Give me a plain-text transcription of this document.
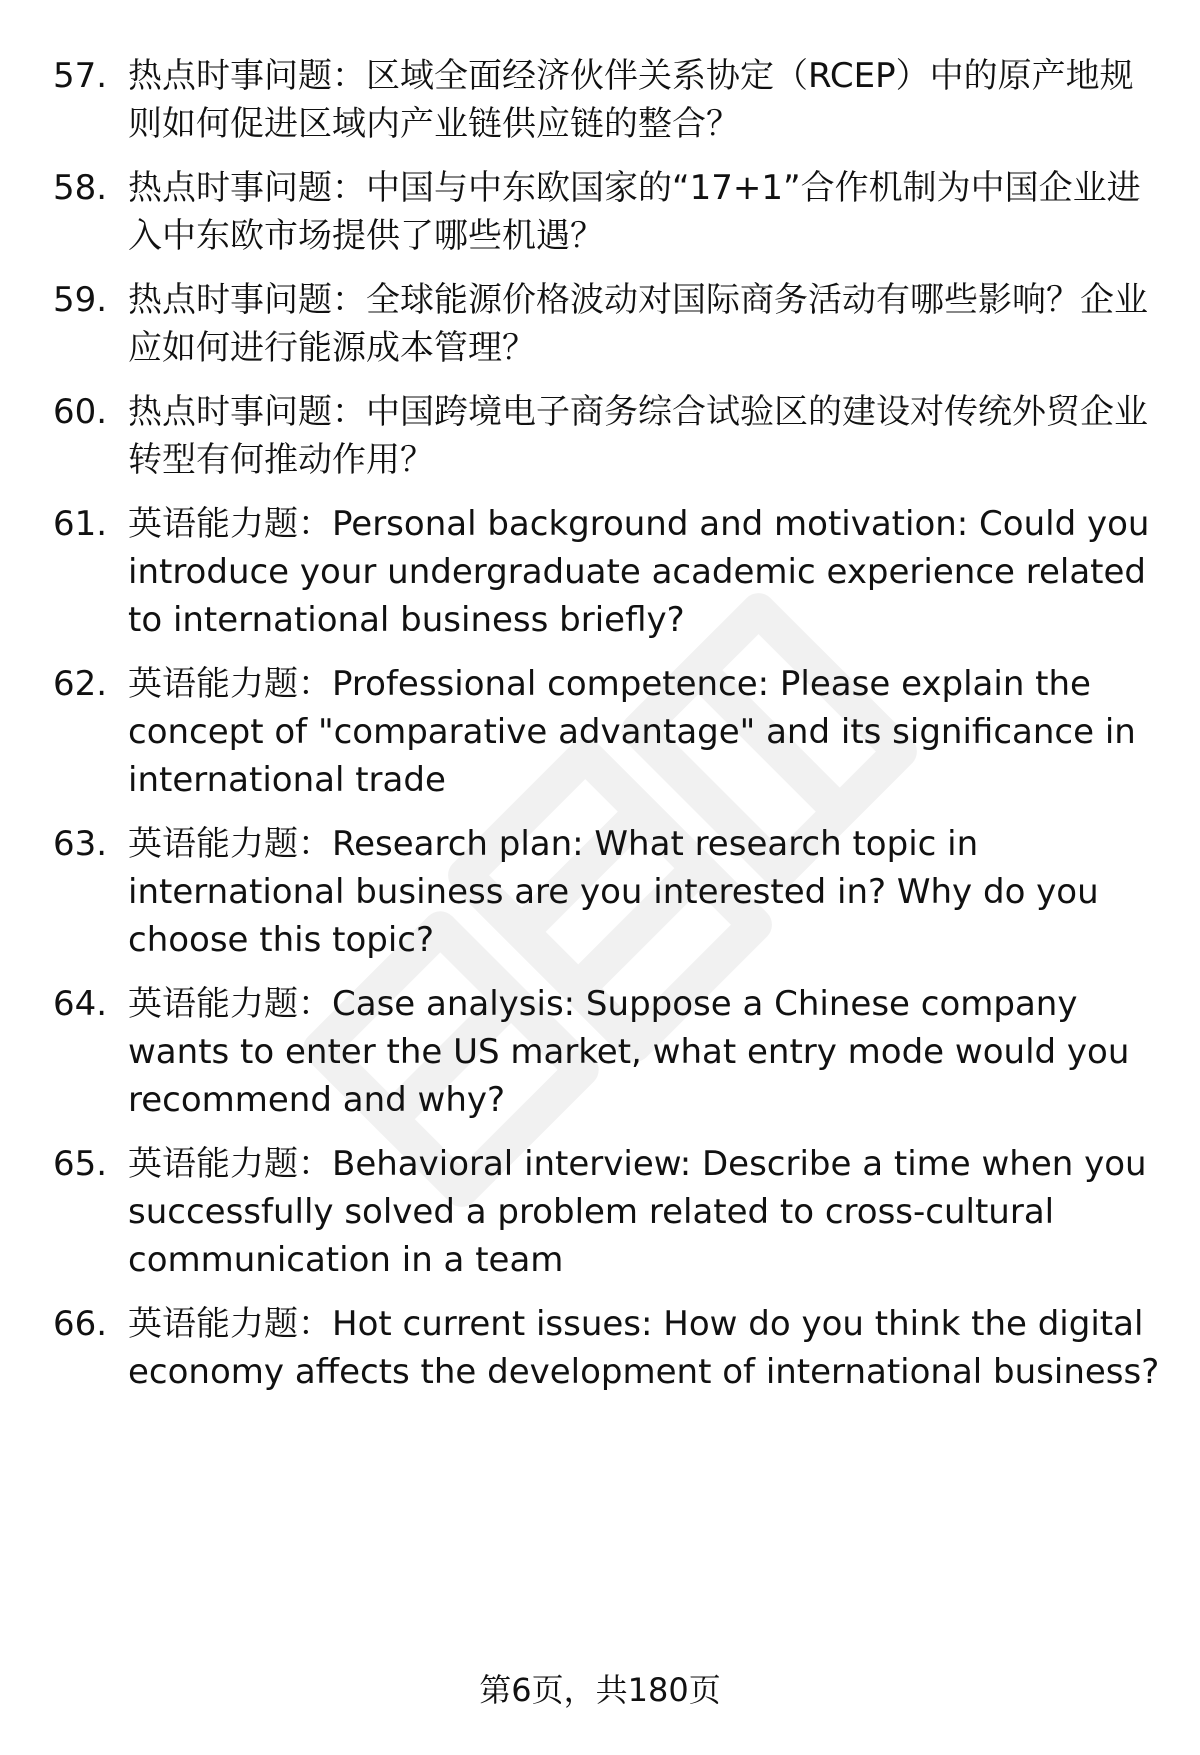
57. 热点时事问题：区域全面经济伙伴关系协定（RCEP）中的原产地规则如何促进区域内产业链供应链的整合？
58. 热点时事问题：中国与中东欧国家的“17+1”合作机制为中国企业进入中东欧市场提供了哪些机遇？
59. 热点时事问题：全球能源价格波动对国际商务活动有哪些影响？企业应如何进行能源成本管理？
60. 热点时事问题：中国跨境电子商务综合试验区的建设对传统外贸企业转型有何推动作用？
61. 英语能力题：Personal background and motivation: Could you introduce your undergraduate academic experience related to international business briefly?
62. 英语能力题：Professional competence: Please explain the concept of "comparative advantage" and its significance in international trade
63. 英语能力题：Research plan: What research topic in international business are you interested in? Why do you choose this topic?
64. 英语能力题：Case analysis: Suppose a Chinese company wants to enter the US market, what entry mode would you recommend and why?
65. 英语能力题：Behavioral interview: Describe a time when you successfully solved a problem related to cross-cultural communication in a team
66. 英语能力题：Hot current issues: How do you think the digital economy affects the development of international business?
第6页，共180页
